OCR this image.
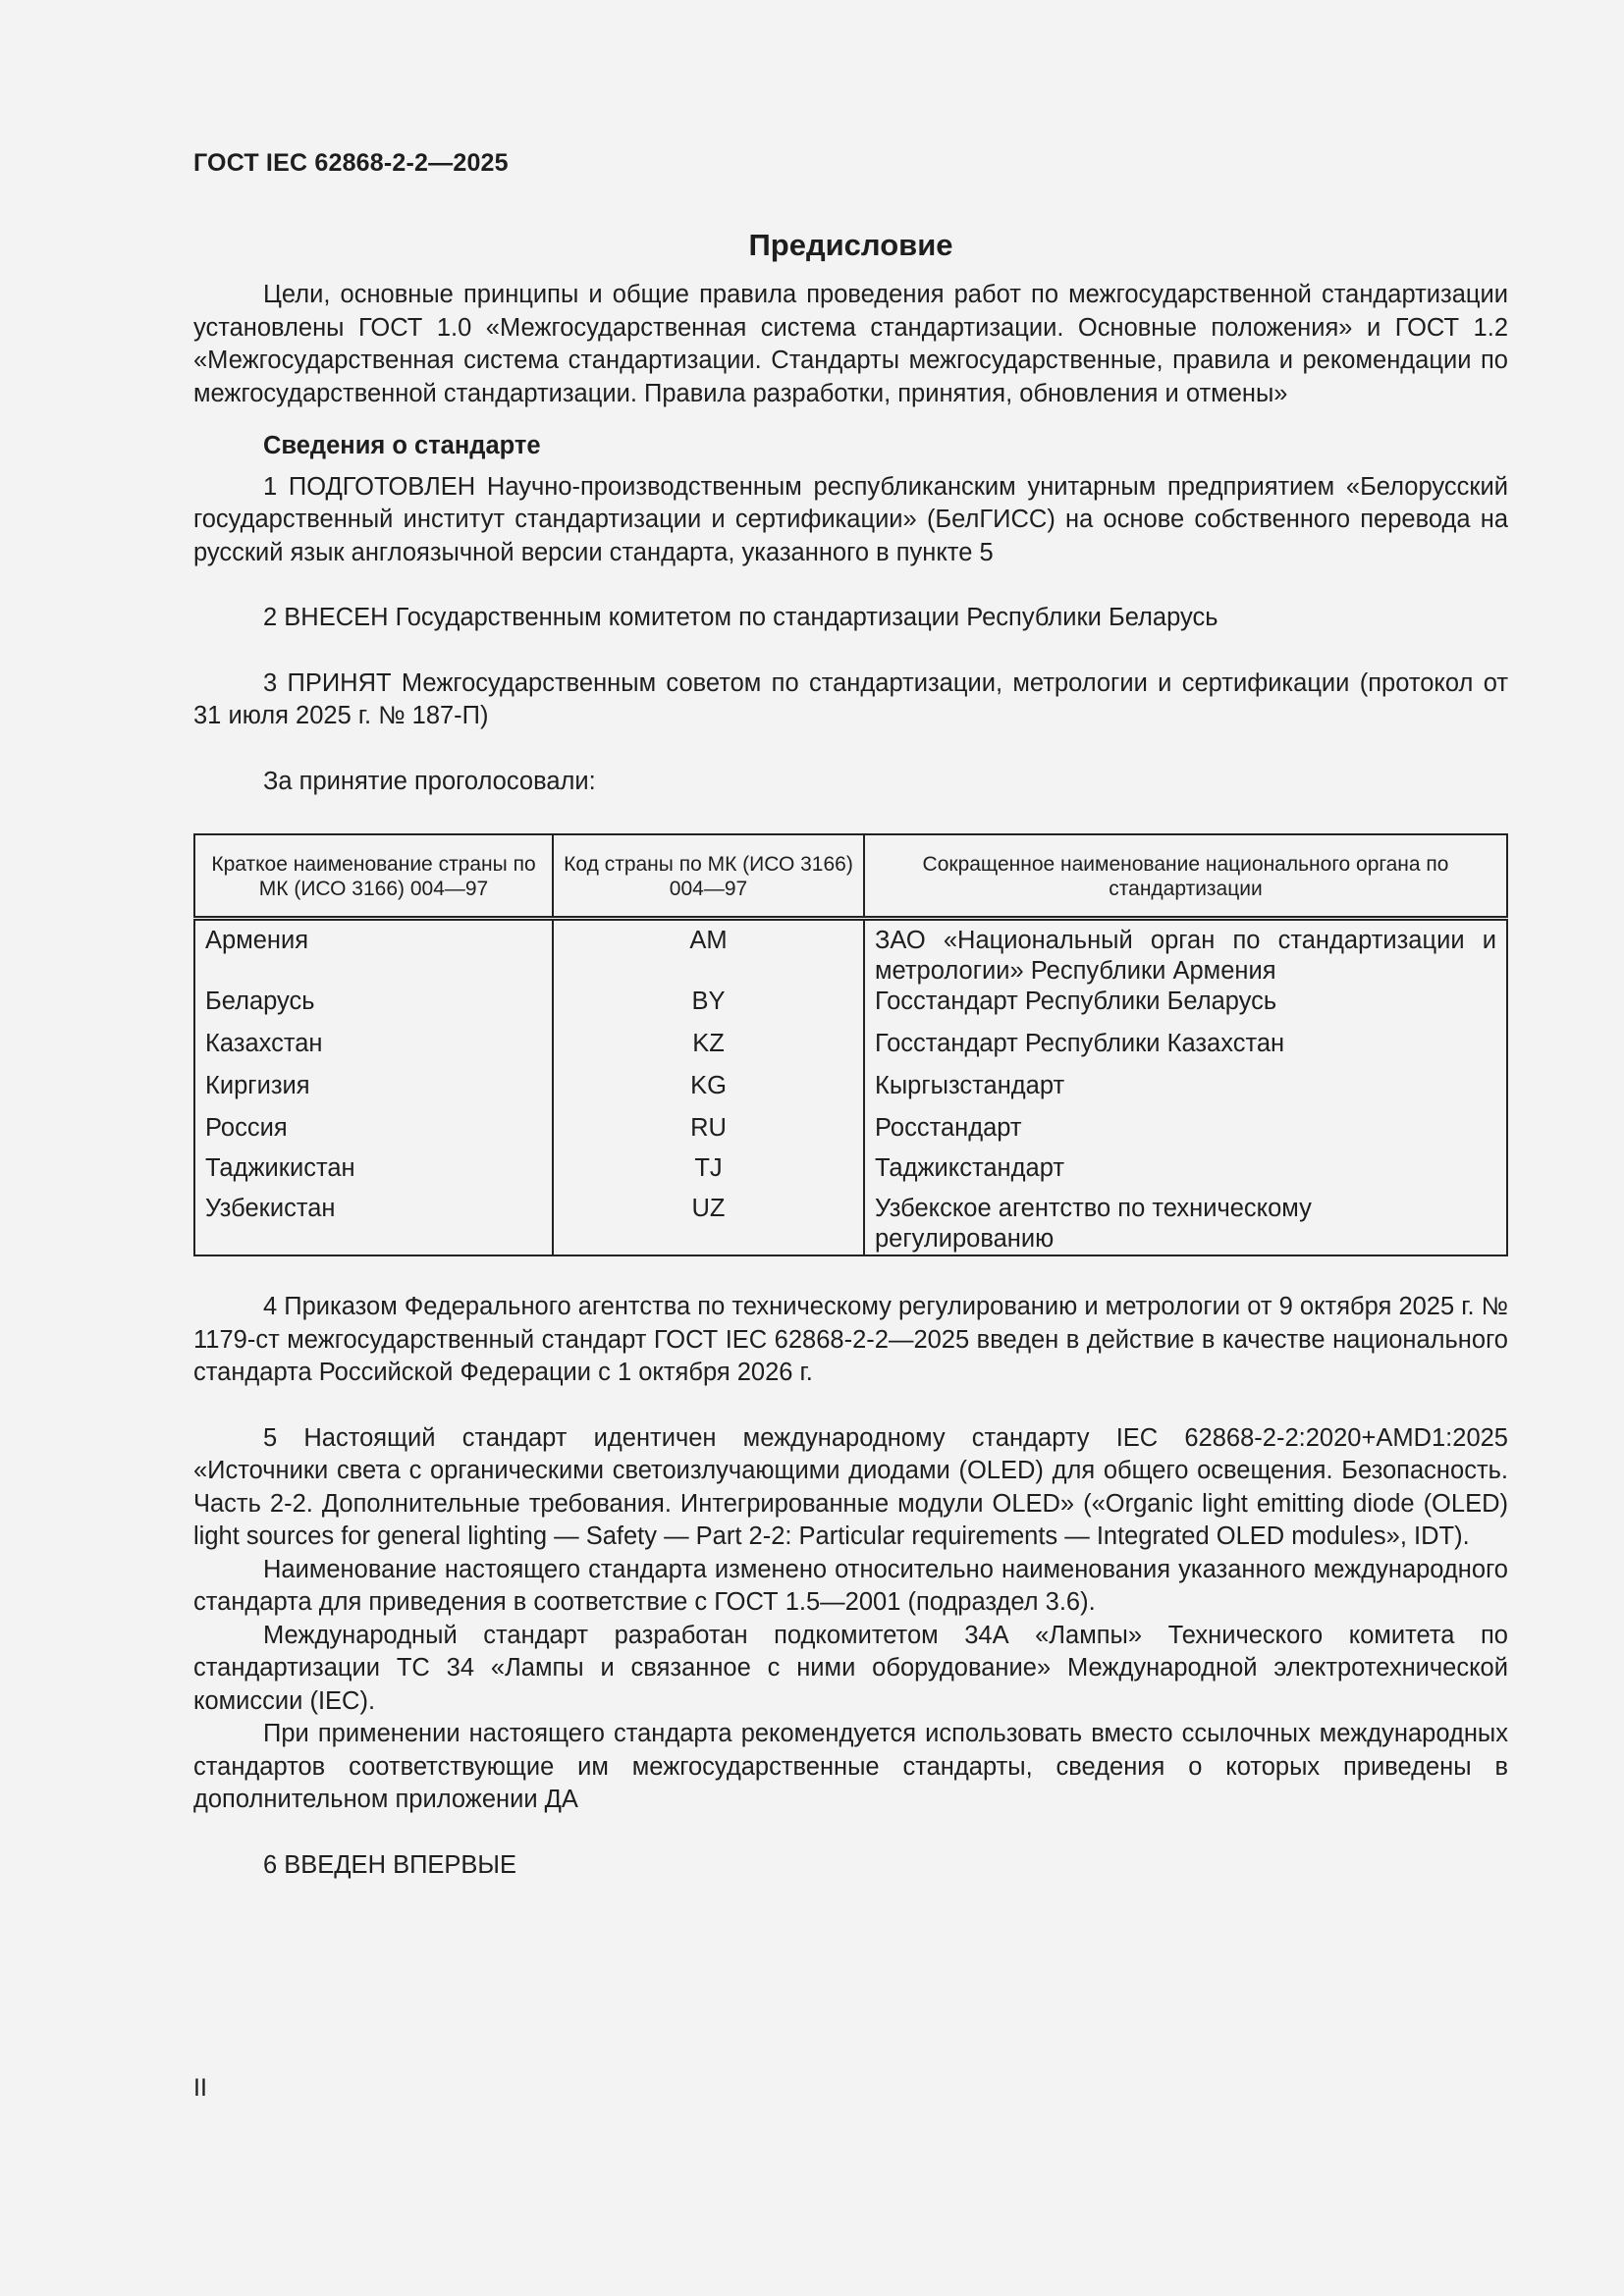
ГОСТ IEC 62868-2-2—2025
Предисловие

Цели, основные принципы и общие правила проведения работ по межгосударственной стандартизации установлены ГОСТ 1.0 «Межгосударственная система стандартизации. Основные положения» и ГОСТ 1.2 «Межгосударственная система стандартизации. Стандарты межгосударственные, правила и рекомендации по межгосударственной стандартизации. Правила разработки, принятия, обновления и отмены»

Сведения о стандарте

1 ПОДГОТОВЛЕН Научно-производственным республиканским унитарным предприятием «Белорусский государственный институт стандартизации и сертификации» (БелГИСС) на основе собственного перевода на русский язык англоязычной версии стандарта, указанного в пункте 5

2 ВНЕСЕН Государственным комитетом по стандартизации Республики Беларусь

3 ПРИНЯТ Межгосударственным советом по стандартизации, метрологии и сертификации (протокол от 31 июля 2025 г. № 187-П)

За принятие проголосовали:

Краткое наименование страны по МК (ИСО 3166) 004—97	Код страны по МК (ИСО 3166) 004—97	Сокращенное наименование национального органа по стандартизации
Армения	AM	ЗАО «Национальный орган по стандартизации и метрологии» Республики Армения
Беларусь	BY	Госстандарт Республики Беларусь
Казахстан	KZ	Госстандарт Республики Казахстан
Киргизия	KG	Кыргызстандарт
Россия	RU	Росстандарт
Таджикистан	TJ	Таджикстандарт
Узбекистан	UZ	Узбекское агентство по техническому регулированию

4 Приказом Федерального агентства по техническому регулированию и метрологии от 9 октября 2025 г. № 1179-ст межгосударственный стандарт ГОСТ IEC 62868-2-2—2025 введен в действие в качестве национального стандарта Российской Федерации с 1 октября 2026 г.

5 Настоящий стандарт идентичен международному стандарту IEC 62868-2-2:2020+AMD1:2025 «Источники света с органическими светоизлучающими диодами (OLED) для общего освещения. Безопасность. Часть 2-2. Дополнительные требования. Интегрированные модули OLED» («Organic light emitting diode (OLED) light sources for general lighting — Safety — Part 2-2: Particular requirements — Integrated OLED modules», IDT).

Наименование настоящего стандарта изменено относительно наименования указанного международного стандарта для приведения в соответствие с ГОСТ 1.5—2001 (подраздел 3.6).

Международный стандарт разработан подкомитетом 34А «Лампы» Технического комитета по стандартизации ТС 34 «Лампы и связанное с ними оборудование» Международной электротехнической комиссии (IEC).

При применении настоящего стандарта рекомендуется использовать вместо ссылочных международных стандартов соответствующие им межгосударственные стандарты, сведения о которых приведены в дополнительном приложении ДА

6 ВВЕДЕН ВПЕРВЫЕ

II
